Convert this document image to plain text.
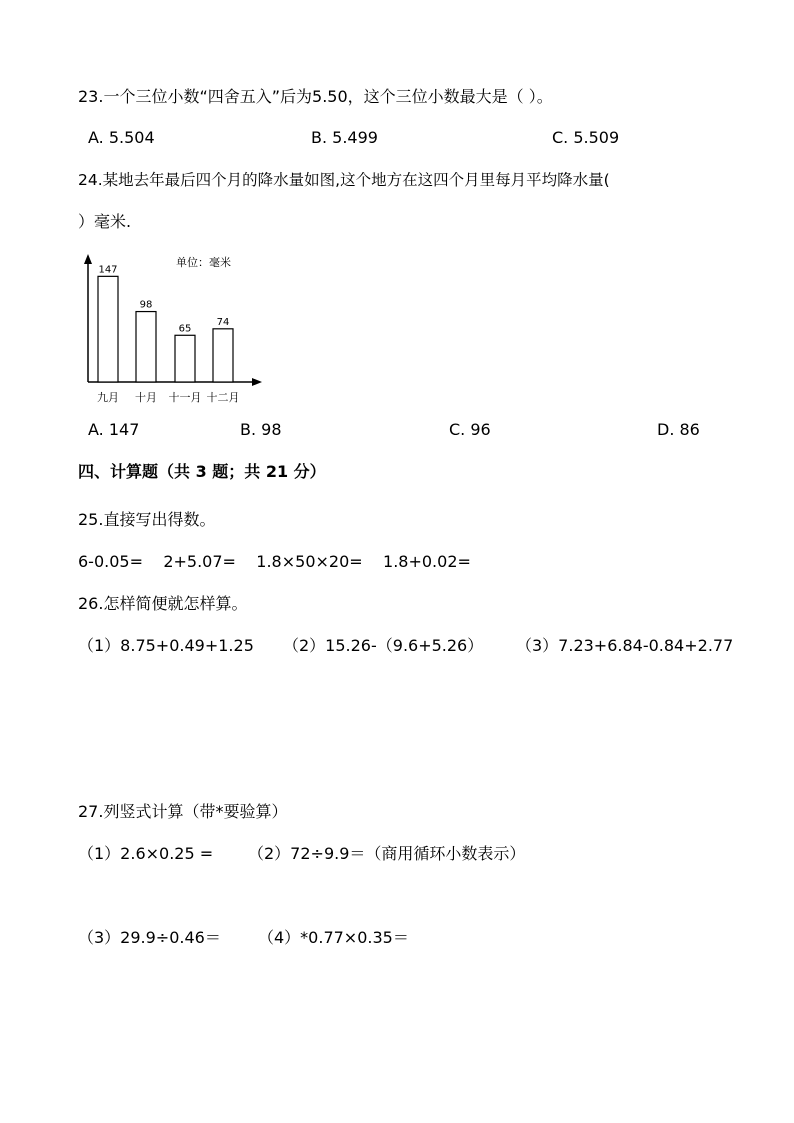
23.一个三位小数“四舍五入”后为5.50，这个三位小数最大是（ ）。
A. 5.504	B. 5.499	C. 5.509
24.某地去年最后四个月的降水量如图,这个地方在这四个月里每月平均降水量(
）毫米.
单位：毫米
147
九月
98
十月
65
十一月
74
十二月
A. 147	B. 98	C. 96	D. 86
四、计算题（共 3 题；共 21 分）
25.直接写出得数。
6-0.05=    2+5.07=    1.8×50×20=    1.8+0.02=
26.怎样简便就怎样算。
（1）8.75+0.49+1.25 （2）15.26-（9.6+5.26） （3）7.23+6.84-0.84+2.77
27.列竖式计算（带*要验算）
（1）2.6×0.25 = （2）72÷9.9＝（商用循环小数表示）
（3）29.9÷0.46＝ （4）*0.77×0.35＝
